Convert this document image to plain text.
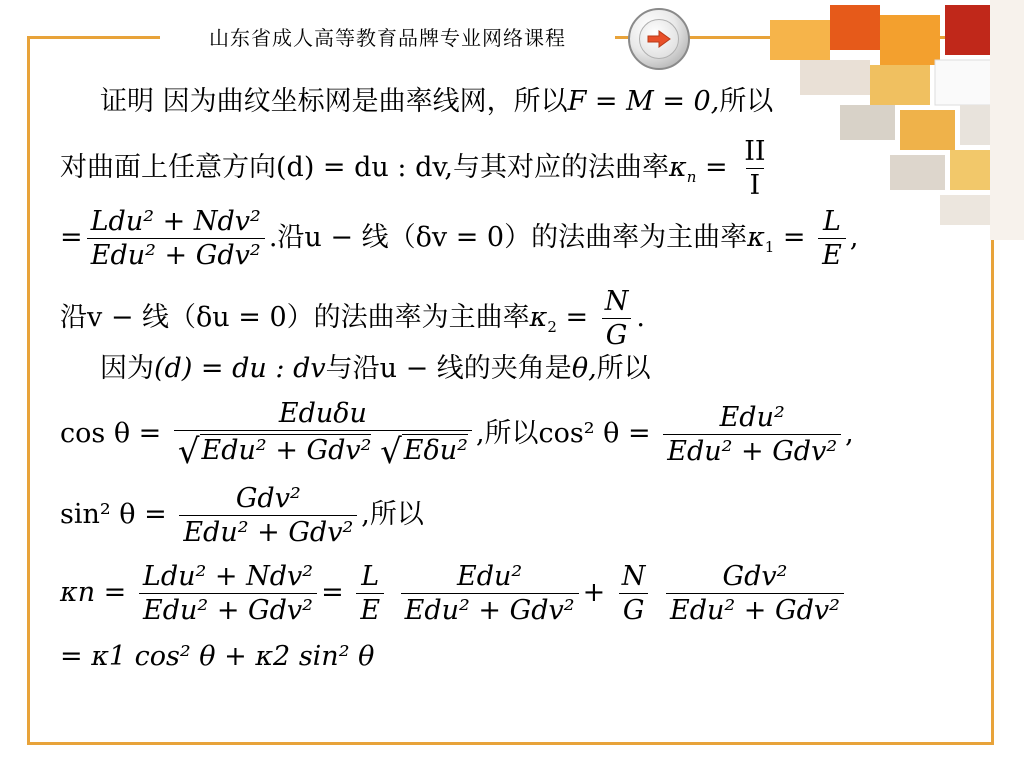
山东省成人高等教育品牌专业网络课程
证明 因为曲纹坐标网是曲率线网，所以F = M = 0,所以
对曲面上任意方向(d) = du : dv,与其对应的法曲率$\kappa_n = \frac{II}{I}$
= $\frac{\text{Ldu² + Ndv²}}{\text{Edu² + Gdv²}}$ .沿u − 线（δv = 0）的法曲率为主曲率$\kappa_1 = \frac{L}{E}$ ,
沿v − 线（δu = 0）的法曲率为主曲率$\kappa_2 = \frac{N}{G}$ .
因为(d) = du : dv与沿u − 线的夹角是θ,所以
$\cos \theta = \frac{\text{Eduδu}}{\text{√Edu² + Gdv² √Eδu²}}$ ,所以cos² $\theta = \frac{\text{Edu²}}{\text{Edu² + Gdv²}}$ ,
sin² $\theta = \frac{\text{Gdv²}}{\text{Edu² + Gdv²}}$ ,所以
$\kappa n = \frac{\text{Ldu² + Ndv²}}{\text{Edu² + Gdv²}} = \frac{L}{E}$
$\frac{\text{Edu²}}{\text{Edu² + Gdv²}} + \frac{N}{G}$
$\frac{\text{Gdv²}}{\text{Edu² + Gdv²}}$
= κ1 cos² θ + κ2 sin² θ
